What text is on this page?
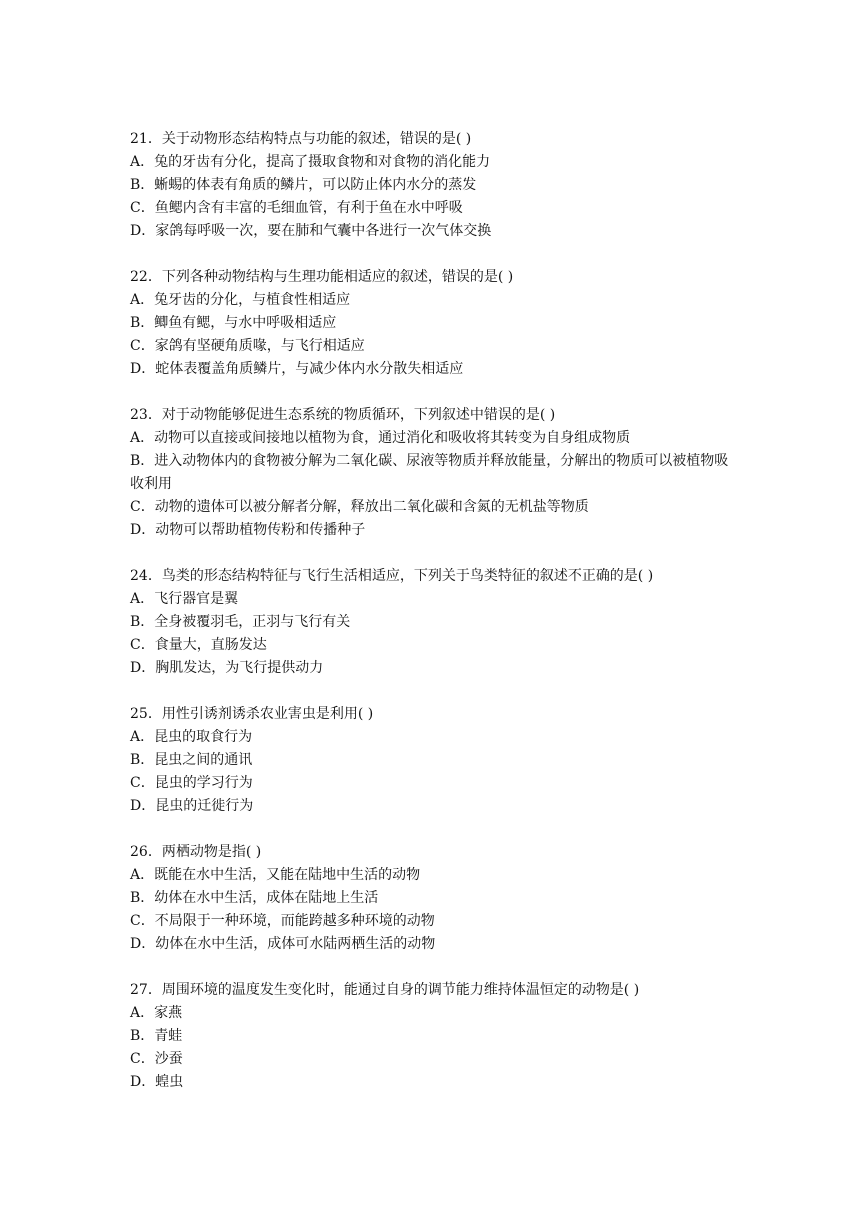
21．关于动物形态结构特点与功能的叙述，错误的是( )
A．兔的牙齿有分化，提高了摄取食物和对食物的消化能力
B．蜥蜴的体表有角质的鳞片，可以防止体内水分的蒸发
C．鱼鳃内含有丰富的毛细血管，有利于鱼在水中呼吸
D．家鸽每呼吸一次，要在肺和气囊中各进行一次气体交换
22．下列各种动物结构与生理功能相适应的叙述，错误的是( )
A．兔牙齿的分化，与植食性相适应
B．鲫鱼有鳃，与水中呼吸相适应
C．家鸽有坚硬角质喙，与飞行相适应
D．蛇体表覆盖角质鳞片，与减少体内水分散失相适应
23．对于动物能够促进生态系统的物质循环，下列叙述中错误的是( )
A．动物可以直接或间接地以植物为食，通过消化和吸收将其转变为自身组成物质
B．进入动物体内的食物被分解为二氧化碳、尿液等物质并释放能量，分解出的物质可以被植物吸收利用
C．动物的遗体可以被分解者分解，释放出二氧化碳和含氮的无机盐等物质
D．动物可以帮助植物传粉和传播种子
24．鸟类的形态结构特征与飞行生活相适应，下列关于鸟类特征的叙述不正确的是( )
A．飞行器官是翼
B．全身被覆羽毛，正羽与飞行有关
C．食量大，直肠发达
D．胸肌发达，为飞行提供动力
25．用性引诱剂诱杀农业害虫是利用( )
A．昆虫的取食行为
B．昆虫之间的通讯
C．昆虫的学习行为
D．昆虫的迁徙行为
26．两栖动物是指( )
A．既能在水中生活，又能在陆地中生活的动物
B．幼体在水中生活，成体在陆地上生活
C．不局限于一种环境，而能跨越多种环境的动物
D．幼体在水中生活，成体可水陆两栖生活的动物
27．周围环境的温度发生变化时，能通过自身的调节能力维持体温恒定的动物是( )
A．家燕
B．青蛙
C．沙蚕
D．蝗虫
